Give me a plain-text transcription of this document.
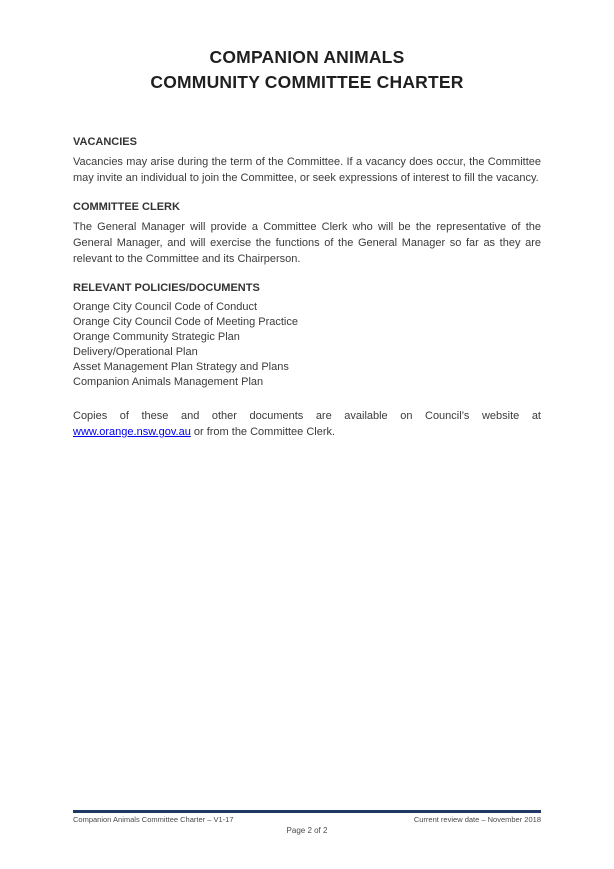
COMPANION ANIMALS
COMMUNITY COMMITTEE CHARTER
VACANCIES

Vacancies may arise during the term of the Committee. If a vacancy does occur, the Committee may invite an individual to join the Committee, or seek expressions of interest to fill the vacancy.

COMMITTEE CLERK

The General Manager will provide a Committee Clerk who will be the representative of the General Manager, and will exercise the functions of the General Manager so far as they are relevant to the Committee and its Chairperson.

RELEVANT POLICIES/DOCUMENTS
Orange City Council Code of Conduct
Orange City Council Code of Meeting Practice
Orange Community Strategic Plan
Delivery/Operational Plan
Asset Management Plan Strategy and Plans
Companion Animals Management Plan

Copies of these and other documents are available on Council’s website at www.orange.nsw.gov.au or from the Committee Clerk.

Companion Animals Committee Charter – V1-17	Current review date – November 2018
Page 2 of 2
